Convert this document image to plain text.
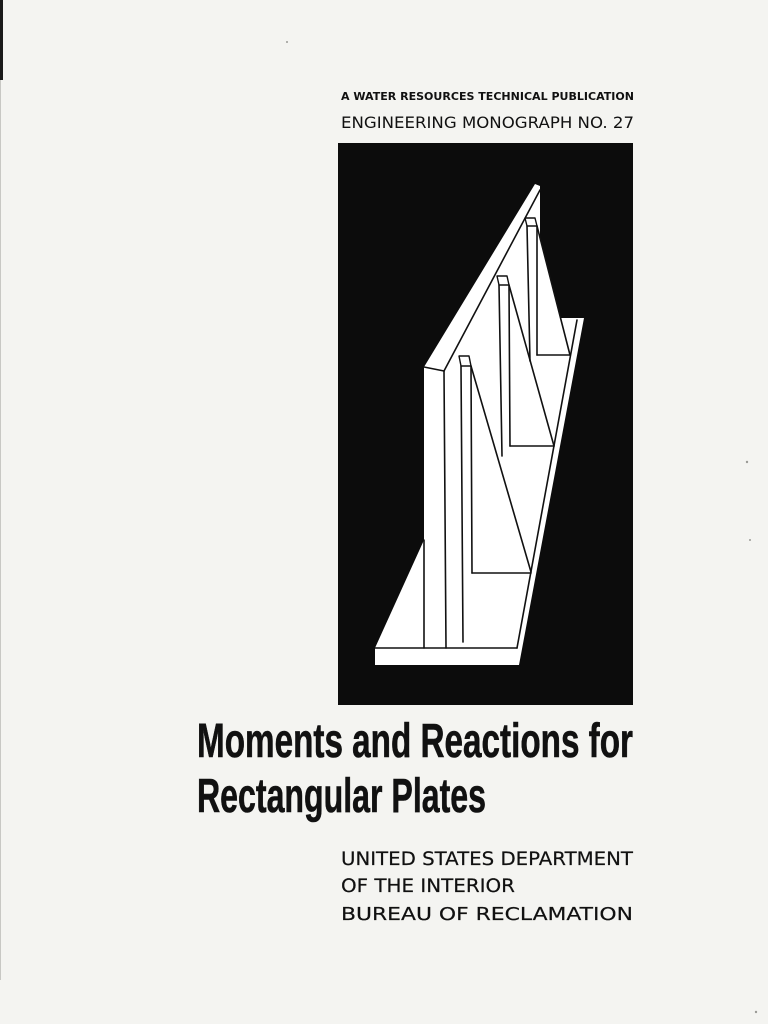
A WATER RESOURCES TECHNICAL PUBLICATION
ENGINEERING MONOGRAPH NO. 27
Moments and Reactions for
Rectangular Plates
UNITED STATES DEPARTMENT
OF THE INTERIOR
BUREAU OF RECLAMATION
